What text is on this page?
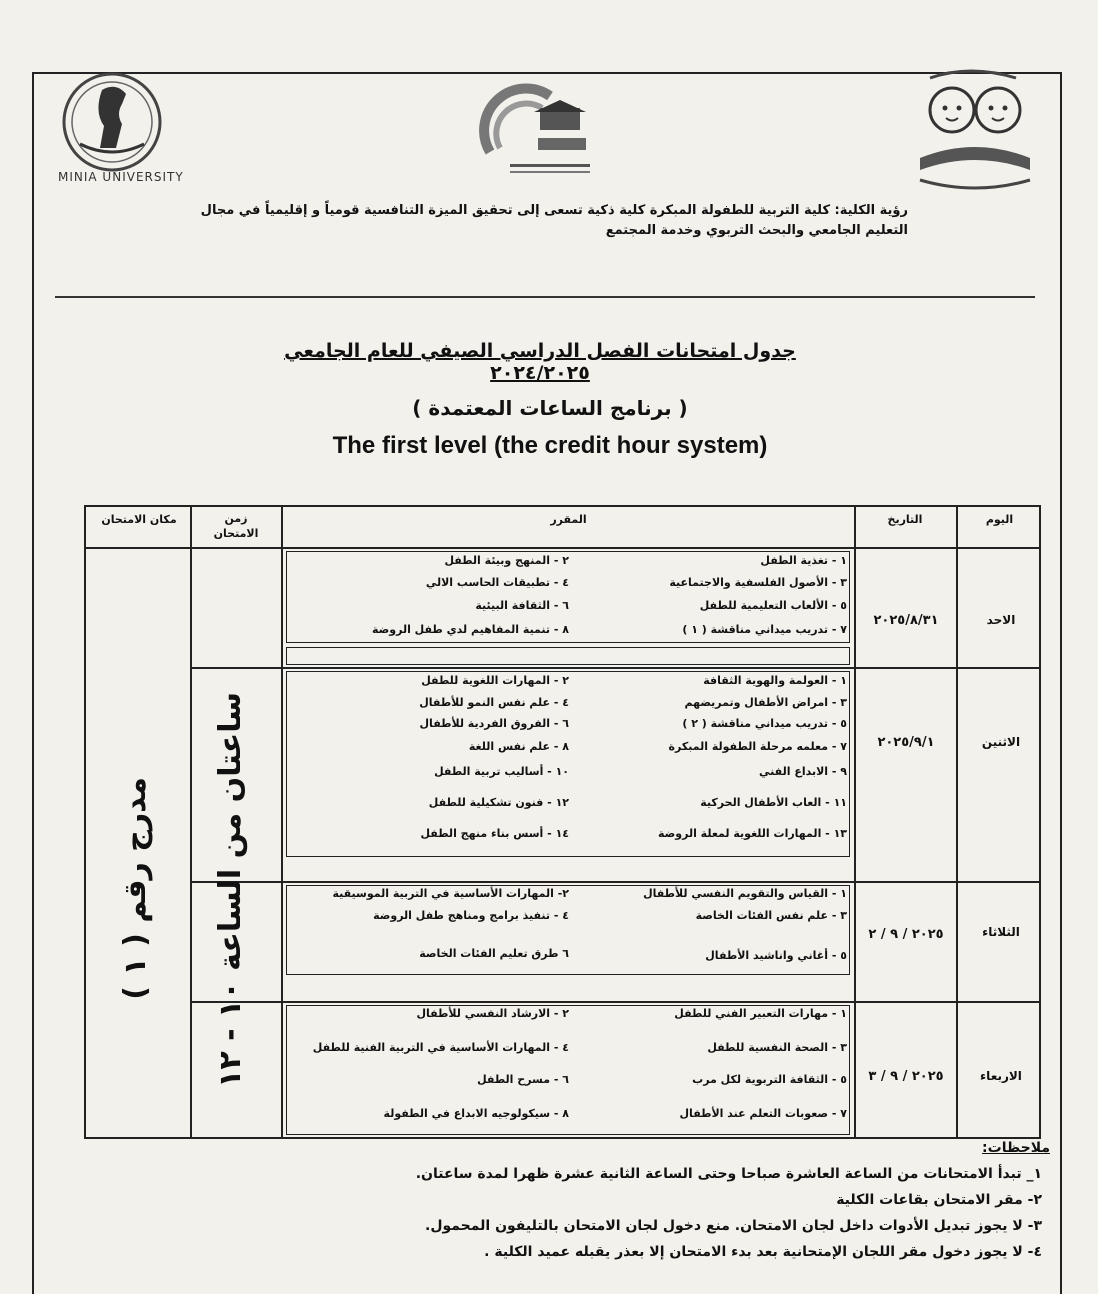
MINIA UNIVERSITY
رؤية الكلية: كلية التربية للطفولة المبكرة كلية ذكية تسعى إلى تحقيق الميزة التنافسية قومياً و إقليمياً في مجال التعليم الجامعي والبحث التربوي وخدمة المجتمع
جدول امتحانات الفصل الدراسي الصيفي للعام الجامعي ٢٠٢٤/٢٠٢٥
( برنامج الساعات المعتمدة )
The first level (the credit hour system)
اليوم
التاريخ
المقرر
زمن الامتحان
مكان الامتحان
مدرج رقم ( ١ )
ساعتان من الساعة ١٠ - ١٢
الاحد
٢٠٢٥/٨/٣١
١ - تغذية الطفل
٣ - الأصول الفلسفية والاجتماعية
٥ - الألعاب التعليمية للطفل
٧ - تدريب ميداني مناقشة ( ١ )
٢ - المنهج وبيئة الطفل
٤ - تطبيقات الحاسب الالي
٦ - الثقافة البيئية
٨ - تنمية المفاهيم لدي طفل الروضة
الاثنين
٢٠٢٥/٩/١
١ - العولمة والهوية الثقافة
٣ - امراض الأطفال وتمريضهم
٥ - تدريب ميداني مناقشة ( ٢ )
٧ - معلمه مرحلة الطفولة المبكرة
٩ - الابداع الفني
١١ - العاب الأطفال الحركية
١٣ - المهارات اللغوية لمعلة الروضة
٢ - المهارات اللغوية للطفل
٤ - علم نفس النمو للأطفال
٦ - الفروق الفردية للأطفال
٨ - علم نفس اللغة
١٠ - أساليب تربية الطفل
١٢ - فنون تشكيلية للطفل
١٤ - أسس بناء منهج الطفل
الثلاثاء
٢٠٢٥ / ٩ / ٢
١ - القياس والتقويم النفسي للأطفال
٣ - علم نفس الفئات الخاصة
٥ - أغاني واناشيد الأطفال
٢- المهارات الأساسية في التربية الموسيقية
٤ - تنفيذ برامج ومناهج طفل الروضة
٦ طرق تعليم الفئات الخاصة
الاربعاء
٢٠٢٥ / ٩ / ٣
١ - مهارات التعبير الفني للطفل
٣ - الصحة النفسية للطفل
٥ - الثقافة التربوية لكل مرب
٧ - صعوبات التعلم عند الأطفال
٢ - الارشاد النفسي للأطفال
٤ - المهارات الأساسية في التربية الفنية للطفل
٦ - مسرح الطفل
٨ - سيكولوجيه الابداع في الطفولة
ملاحظات:
١_ تبدأ الامتحانات من الساعة العاشرة صباحا وحتى الساعة الثانية عشرة ظهرا لمدة ساعتان.
٢- مقر الامتحان بقاعات الكلية
٣- لا يجوز تبديل الأدوات داخل لجان الامتحان. منع دخول لجان الامتحان بالتليفون المحمول.
٤- لا يجوز دخول مقر اللجان الإمتحانية بعد بدء الامتحان إلا بعذر يقبله عميد الكلية .
